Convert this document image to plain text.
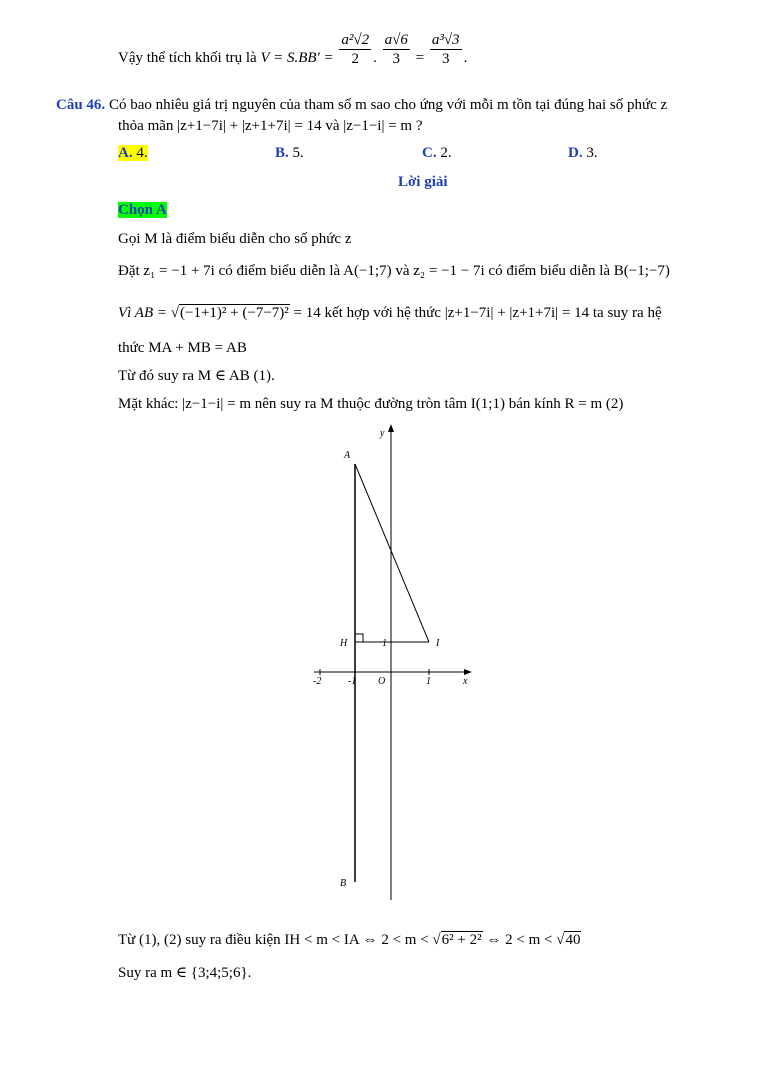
Vậy thể tích khối trụ là $V = S.BB' = \frac{\text{a²√2}}{2}$ . $\frac{a√6}{3} = \frac{\text{a³√3}}{3}$ .
Câu 46. Có bao nhiêu giá trị nguyên của tham số m sao cho ứng với mỗi m tồn tại đúng hai số phức z
thỏa mãn |z+1−7i| + |z+1+7i| = 14 và |z−1−i| = m ?
A. 4.	B. 5.	C. 2.	D. 3.
Lời giải
Chọn A
Gọi M là điểm biểu diễn cho số phức z
Đặt z₁ = −1 + 7i có điểm biểu diễn là A(−1;7) và z₂ = −1 − 7i có điểm biểu diễn là B(−1;−7)
Vì AB = √(−1+1)² + (−7−7)² = 14 kết hợp với hệ thức |z+1−7i| + |z+1+7i| = 14 ta suy ra hệ
thức MA + MB = AB
Từ đó suy ra M ∈ AB (1).
Mặt khác: |z−1−i| = m nên suy ra M thuộc đường tròn tâm I(1;1) bán kính R = m (2)
y
x
-2	-1 O	1
1
A
H	I
B
Từ (1), (2) suy ra điều kiện IH < m < IA ⇔ 2 < m < √6² + 2² ⇔ 2 < m < √40
Suy ra m ∈ {3;4;5;6}.
